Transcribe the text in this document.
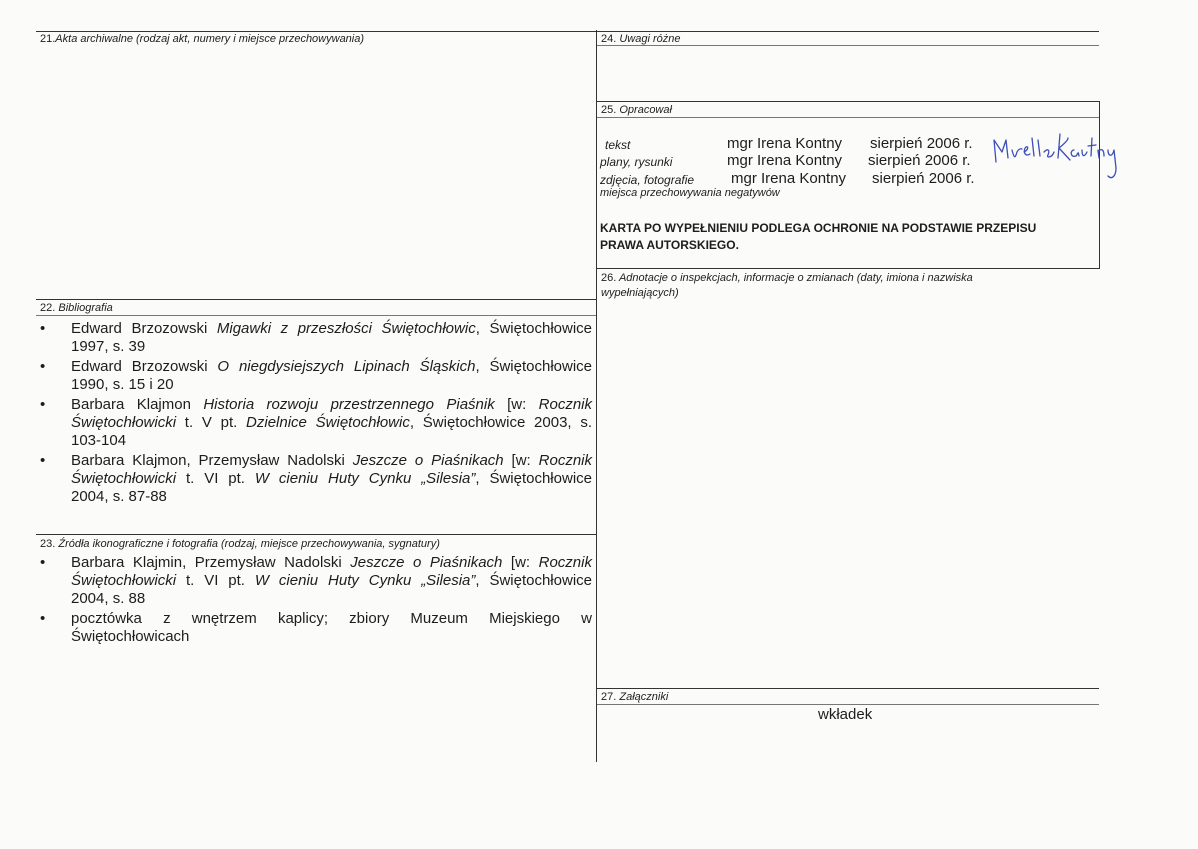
21.Akta archiwalne (rodzaj akt, numery i miejsce przechowywania)	24. Uwagi różne
25. Opracował
tekst	mgr Irena Kontny sierpień 2006 r.
plany, rysunki	mgr Irena Kontny sierpień 2006 r.
zdjęcia, fotografie mgr Irena Kontny sierpień 2006 r.
miejsca przechowywania negatywów
KARTA PO WYPEŁNIENIU PODLEGA OCHRONIE NA PODSTAWIE PRZEPISU
PRAWA AUTORSKIEGO.
26. Adnotacje o inspekcjach, informacje o zmianach (daty, imiona i nazwiska
wypełniających)
22. Bibliografia
• Edward Brzozowski Migawki z przeszłości Świętochłowic, Świętochłowice
1997, s. 39
• Edward Brzozowski O niegdysiejszych Lipinach Śląskich, Świętochłowice
1990, s. 15 i 20
• Barbara Klajmon Historia rozwoju przestrzennego Piaśnik [w: Rocznik
Świętochłowicki t. V pt. Dzielnice Świętochłowic, Świętochłowice 2003, s.
103-104
• Barbara Klajmon, Przemysław Nadolski Jeszcze o Piaśnikach [w: Rocznik
Świętochłowicki t. VI pt. W cieniu Huty Cynku „Silesia”, Świętochłowice
2004, s. 87-88
23. Źródła ikonograficzne i fotografia (rodzaj, miejsce przechowywania, sygnatury)
• Barbara Klajmin, Przemysław Nadolski Jeszcze o Piaśnikach [w: Rocznik
Świętochłowicki t. VI pt. W cieniu Huty Cynku „Silesia”, Świętochłowice
2004, s. 88
• pocztówka z wnętrzem kaplicy; zbiory Muzeum Miejskiego w
Świętochłowicach
27. Załączniki
wkładek
